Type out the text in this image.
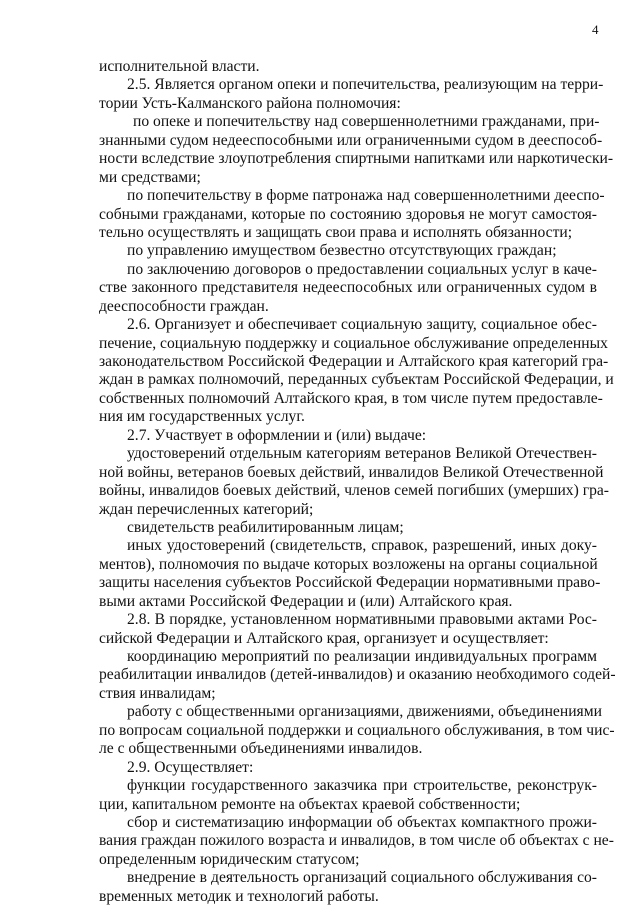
4
исполнительной власти.
2.5. Является органом опеки и попечительства, реализующим на терри-
тории Усть-Калманского района полномочия:
по опеке и попечительству над совершеннолетними гражданами, при-
знанными судом недееспособными или ограниченными судом в дееспособ-
ности вследствие злоупотребления спиртными напитками или наркотически-
ми средствами;
по попечительству в форме патронажа над совершеннолетними дееспо-
собными гражданами, которые по состоянию здоровья не могут самостоя-
тельно осуществлять и защищать свои права и исполнять обязанности;
по управлению имуществом безвестно отсутствующих граждан;
по заключению договоров о предоставлении социальных услуг в каче-
стве законного представителя недееспособных или ограниченных судом в
дееспособности граждан.
2.6. Организует и обеспечивает социальную защиту, социальное обес-
печение, социальную поддержку и социальное обслуживание определенных
законодательством Российской Федерации и Алтайского края категорий гра-
ждан в рамках полномочий, переданных субъектам Российской Федерации, и
собственных полномочий Алтайского края, в том числе путем предоставле-
ния им государственных услуг.
2.7. Участвует в оформлении и (или) выдаче:
удостоверений отдельным категориям ветеранов Великой Отечествен-
ной войны, ветеранов боевых действий, инвалидов Великой Отечественной
войны, инвалидов боевых действий, членов семей погибших (умерших) гра-
ждан перечисленных категорий;
свидетельств реабилитированным лицам;
иных удостоверений (свидетельств, справок, разрешений, иных доку-
ментов), полномочия по выдаче которых возложены на органы социальной
защиты населения субъектов Российской Федерации нормативными право-
выми актами Российской Федерации и (или) Алтайского края.
2.8. В порядке, установленном нормативными правовыми актами Рос-
сийской Федерации и Алтайского края, организует и осуществляет:
координацию мероприятий по реализации индивидуальных программ
реабилитации инвалидов (детей-инвалидов) и оказанию необходимого содей-
ствия инвалидам;
работу с общественными организациями, движениями, объединениями
по вопросам социальной поддержки и социального обслуживания, в том чис-
ле с общественными объединениями инвалидов.
2.9. Осуществляет:
функции государственного заказчика при строительстве, реконструк-
ции, капитальном ремонте на объектах краевой собственности;
сбор и систематизацию информации об объектах компактного прожи-
вания граждан пожилого возраста и инвалидов, в том числе об объектах с не-
определенным юридическим статусом;
внедрение в деятельность организаций социального обслуживания со-
временных методик и технологий работы.
